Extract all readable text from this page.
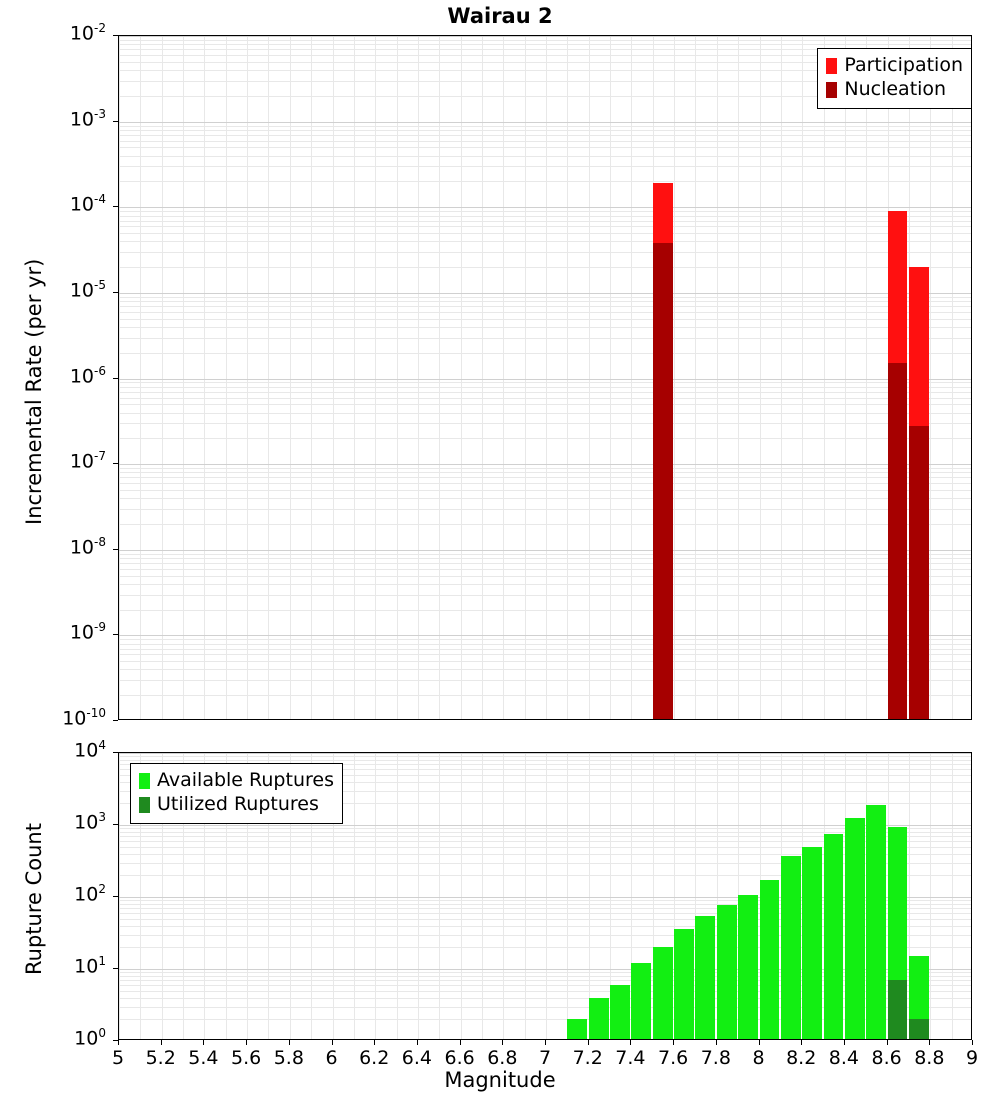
Wairau 2
Participation
Nucleation
Available Ruptures
Utilized Ruptures
Magnitude
Incremental Rate (per yr)
Rupture Count
$10^{-2}$
$10^{-3}$
$10^{-4}$
$10^{-5}$
$10^{-6}$
$10^{-7}$
$10^{-8}$
$10^{-9}$
$10^{-10}$
$10^4$
$10^3$
$10^2$
$10^1$
$10^0$
5	5.2 5.4 5.6 5.8	6	6.2 6.4 6.6 6.8	7	7.2 7.4 7.6 7.8	8	8.2 8.4 8.6 8.8	9
